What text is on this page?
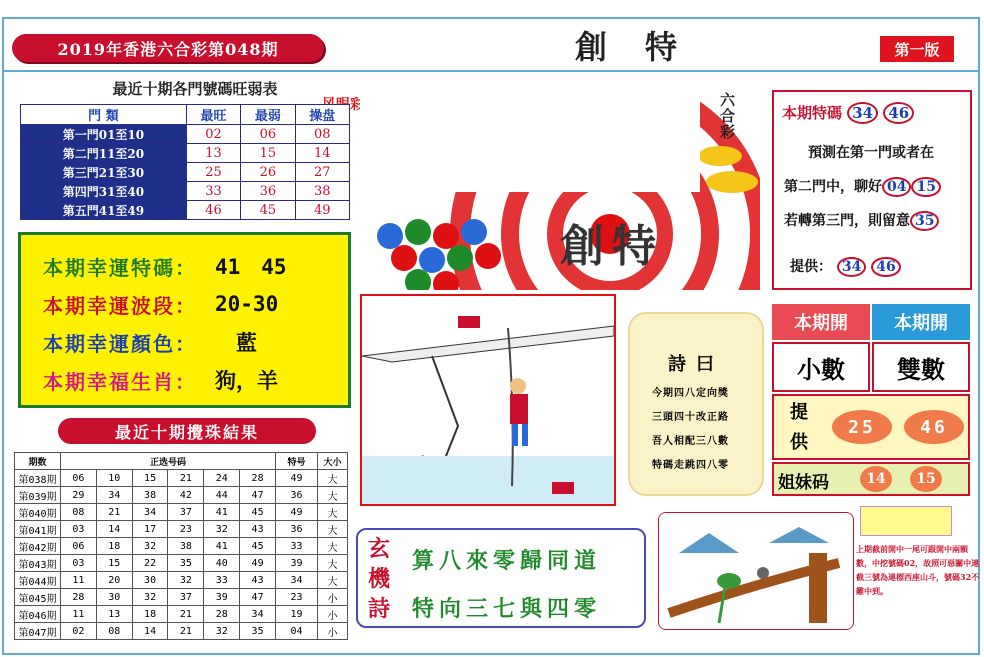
2019年香港六合彩第048期	創特	第一版
最近十期各門號碼旺弱表
門 類	最旺	最弱	操盘
第一門01至10	02	06	08
第二門11至20	13	15	14
第三門21至30	25	26	27
第四門31至40	33	36	38
第五門41至49	46	45	49
本期幸運特碼： 41　45
本期幸運波段： 20-30
本期幸運顏色： 　藍
本期幸福生肖： 狗，羊
最近十期攪珠結果
期数	正选号码						特号	大小
第038期	06	10	15	21	24	28	49	大
第039期	29	34	38	42	44	47	36	大
第040期	08	21	34	37	41	45	49	大
第041期	03	14	17	23	32	43	36	大
第042期	06	18	32	38	41	45	33	大
第043期	03	15	22	35	40	49	39	大
第044期	11	20	30	32	33	43	34	大
第045期	28	30	32	37	39	47	23	小
第046期	11	13	18	21	28	34	19	小
第047期	02	08	14	21	32	35	04	小
六合彩
創特
詩曰
今期四八定向獎
三頭四十改正路
吾人相配三八數
特碼走跳四八零
本期特碼 34 46
預測在第一門或者在
第二門中，聊好 04 15
若轉第三門，則留意 35
提供： 34 46
本期開	本期開
小數	雙數
提供
25	46
姐妹码	14	15
玄機詩
算八來零歸同道
特向三七與四零
上期截前開中一尾可跟開中兩顆數，中挖號碼02，故照可惡關中連截三號為連標西座山斗，號碼32不難中到。
